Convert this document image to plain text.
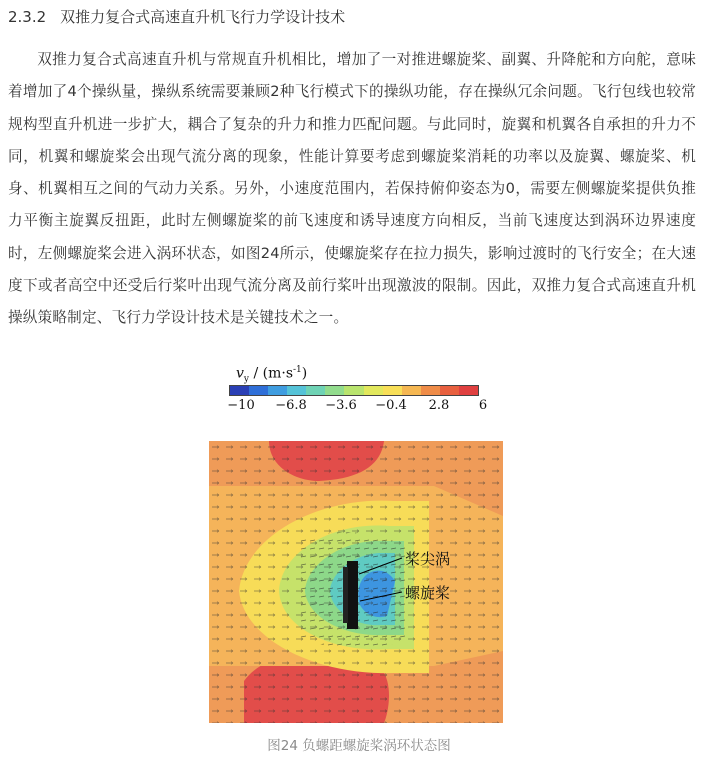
2.3.2 双推力复合式高速直升机飞行力学设计技术

双推力复合式高速直升机与常规直升机相比，增加了一对推进螺旋桨、副翼、升降舵和方向舵，意味着增加了4个操纵量，操纵系统需要兼顾2种飞行模式下的操纵功能，存在操纵冗余问题。飞行包线也较常规构型直升机进一步扩大，耦合了复杂的升力和推力匹配问题。与此同时，旋翼和机翼各自承担的升力不同，机翼和螺旋桨会出现气流分离的现象，性能计算要考虑到螺旋桨消耗的功率以及旋翼、螺旋桨、机身、机翼相互之间的气动力关系。另外，小速度范围内，若保持俯仰姿态为0，需要左侧螺旋桨提供负推力平衡主旋翼反扭距，此时左侧螺旋桨的前飞速度和诱导速度方向相反，当前飞速度达到涡环边界速度时，左侧螺旋桨会进入涡环状态，如图24所示，使螺旋桨存在拉力损失，影响过渡时的飞行安全；在大速度下或者高空中还受后行桨叶出现气流分离及前行桨叶出现激波的限制。因此，双推力复合式高速直升机操纵策略制定、飞行力学设计技术是关键技术之一。

$v_y / (m\cdot s^{-1})$
−10 −6.8 −3.6 −0.4 2.8 6
桨尖涡
螺旋桨
图24 负螺距螺旋桨涡环状态图
